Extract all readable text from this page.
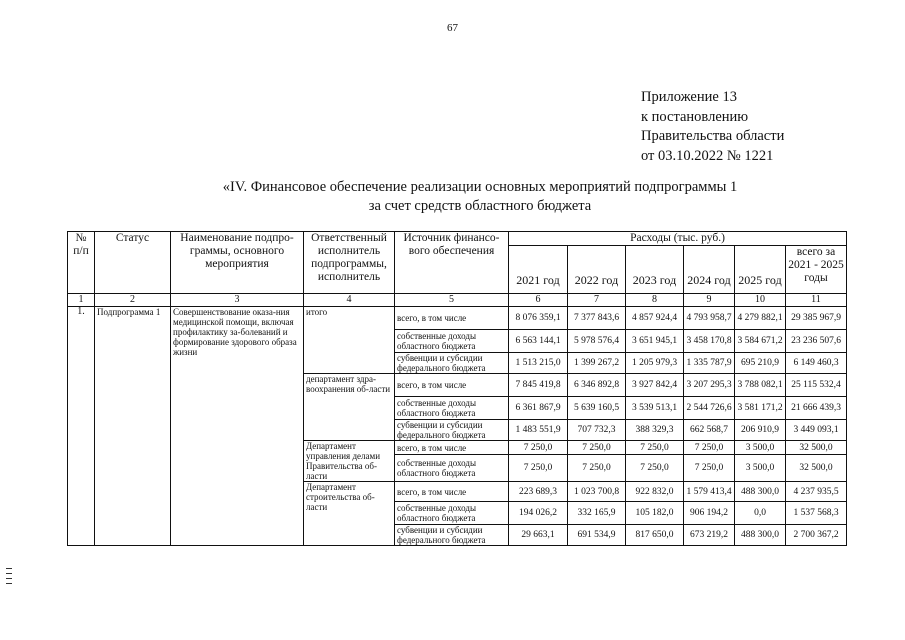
67
Приложение 13
к постановлению
Правительства области
от 03.10.2022 № 1221
«IV. Финансовое обеспечение реализации основных мероприятий подпрограммы 1
за счет средств областного бюджета
№ п/п	Статус	Наименование подпро-граммы, основного мероприятия	Ответственный исполнитель подпрограммы, исполнитель	Источник финансо-вого обеспечения	Расходы (тыс. руб.)					
					2021 год	2022 год	2023 год	2024 год	2025 год	всего за 2021 - 2025 годы
1	2	3	4	5	6	7	8	9	10	11
1.	Подпрограмма 1	Совершенствование оказа-ния медицинской помощи, включая профилактику за-болеваний и формирование здорового образа жизни	итого	всего, в том числе	8 076 359,1	7 377 843,6	4 857 924,4	4 793 958,7	4 279 882,1	29 385 967,9
				собственные доходы областного бюджета	6 563 144,1	5 978 576,4	3 651 945,1	3 458 170,8	3 584 671,2	23 236 507,6
				субвенции и субсидии федерального бюджета	1 513 215,0	1 399 267,2	1 205 979,3	1 335 787,9	695 210,9	6 149 460,3
			департамент здра-воохранения об-ласти	всего, в том числе	7 845 419,8	6 346 892,8	3 927 842,4	3 207 295,3	3 788 082,1	25 115 532,4
				собственные доходы областного бюджета	6 361 867,9	5 639 160,5	3 539 513,1	2 544 726,6	3 581 171,2	21 666 439,3
				субвенции и субсидии федерального бюджета	1 483 551,9	707 732,3	388 329,3	662 568,7	206 910,9	3 449 093,1
			Департамент управления делами Правительства об-ласти	всего, в том числе	7 250,0	7 250,0	7 250,0	7 250,0	3 500,0	32 500,0
				собственные доходы областного бюджета	7 250,0	7 250,0	7 250,0	7 250,0	3 500,0	32 500,0
			Департамент строительства об-ласти	всего, в том числе	223 689,3	1 023 700,8	922 832,0	1 579 413,4	488 300,0	4 237 935,5
				собственные доходы областного бюджета	194 026,2	332 165,9	105 182,0	906 194,2	0,0	1 537 568,3
				субвенции и субсидии федерального бюджета	29 663,1	691 534,9	817 650,0	673 219,2	488 300,0	2 700 367,2
